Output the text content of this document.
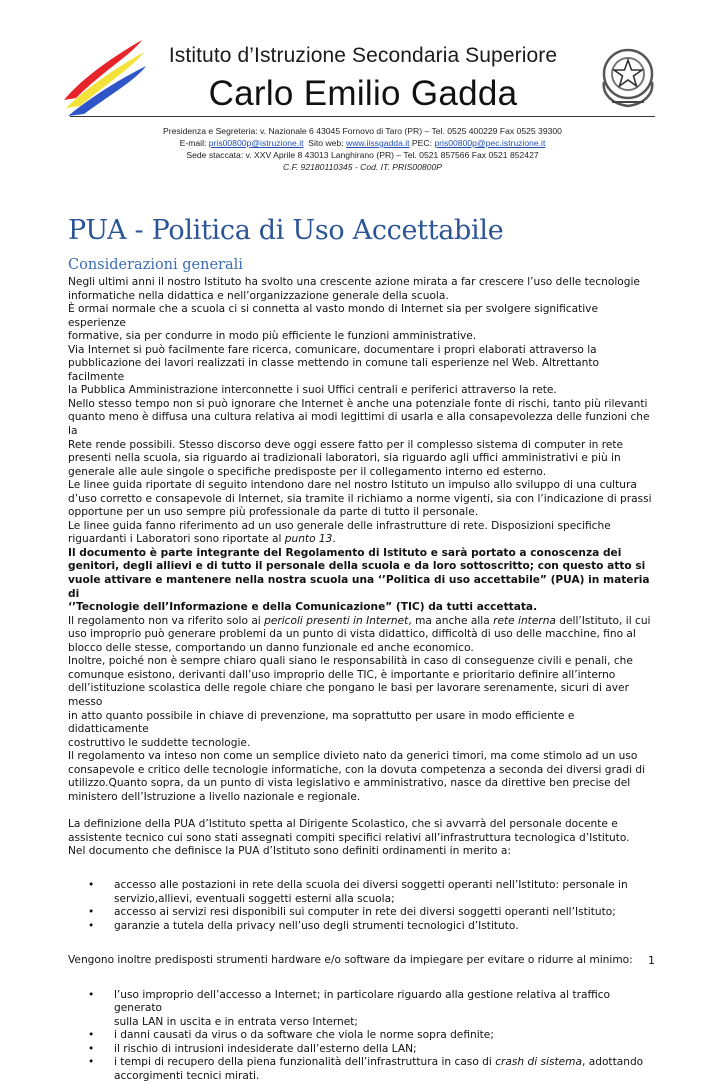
Istituto d’Istruzione Secondaria Superiore
Carlo Emilio Gadda
Presidenza e Segreteria: v. Nazionale 6 43045 Fornovo di Taro (PR) – Tel. 0525 400229 Fax 0525 39300
E-mail: pris00800p@istruzione.it  Sito web: www.iissgadda.it PEC: pris00800p@pec.istruzione.it
Sede staccata: v. XXV Aprile 8 43013 Langhirano (PR) – Tel. 0521 857566 Fax 0521 852427
C.F. 92180110345 - Cod. IT. PRIS00800P
PUA - Politica di Uso Accettabile
Considerazioni generali

Negli ultimi anni il nostro Istituto ha svolto una crescente azione mirata a far crescere l’uso delle tecnologie

informatiche nella didattica e nell’organizzazione generale della scuola.

È ormai normale che a scuola ci si connetta al vasto mondo di Internet sia per svolgere significative esperienze

formative, sia per condurre in modo più efficiente le funzioni amministrative.

Via Internet si può facilmente fare ricerca, comunicare, documentare i propri elaborati attraverso la

pubblicazione dei lavori realizzati in classe mettendo in comune tali esperienze nel Web. Altrettanto facilmente

la Pubblica Amministrazione interconnette i suoi Uffici centrali e periferici attraverso la rete.

Nello stesso tempo non si può ignorare che Internet è anche una potenziale fonte di rischi, tanto più rilevanti

quanto meno è diffusa una cultura relativa ai modi legittimi di usarla e alla consapevolezza delle funzioni che la

Rete rende possibili. Stesso discorso deve oggi essere fatto per il complesso sistema di computer in rete

presenti nella scuola, sia riguardo ai tradizionali laboratori, sia riguardo agli uffici amministrativi e più in

generale alle aule singole o specifiche predisposte per il collegamento interno ed esterno.

Le linee guida riportate di seguito intendono dare nel nostro Istituto un impulso allo sviluppo di una cultura

d’uso corretto e consapevole di Internet, sia tramite il richiamo a norme vigenti, sia con l’indicazione di prassi

opportune per un uso sempre più professionale da parte di tutto il personale.

Le linee guida fanno riferimento ad un uso generale delle infrastrutture di rete. Disposizioni specifiche

riguardanti i Laboratori sono riportate al punto 13.

Il documento è parte integrante del Regolamento di Istituto e sarà portato a conoscenza dei

genitori, degli allievi e di tutto il personale della scuola e da loro sottoscritto; con questo atto si

vuole attivare e mantenere nella nostra scuola una ‘’Politica di uso accettabile” (PUA) in materia di

‘’Tecnologie dell’Informazione e della Comunicazione” (TIC) da tutti accettata.

Il regolamento non va riferito solo ai pericoli presenti in Internet, ma anche alla rete interna dell’Istituto, il cui

uso improprio può generare problemi da un punto di vista didattico, difficoltà di uso delle macchine, fino al

blocco delle stesse, comportando un danno funzionale ed anche economico.

Inoltre, poiché non è sempre chiaro quali siano le responsabilità in caso di conseguenze civili e penali, che

comunque esistono, derivanti dall’uso improprio delle TIC, è importante e prioritario definire all’interno

dell’istituzione scolastica delle regole chiare che pongano le basi per lavorare serenamente, sicuri di aver messo

in atto quanto possibile in chiave di prevenzione, ma soprattutto per usare in modo efficiente e didatticamente

costruttivo le suddette tecnologie.

Il regolamento va inteso non come un semplice divieto nato da generici timori, ma come stimolo ad un uso

consapevole e critico delle tecnologie informatiche, con la dovuta competenza a seconda dei diversi gradi di

utilizzo.Quanto sopra, da un punto di vista legislativo e amministrativo, nasce da direttive ben precise del

ministero dell’Istruzione a livello nazionale e regionale.

La definizione della PUA d’Istituto spetta al Dirigente Scolastico, che si avvarrà del personale docente e

assistente tecnico cui sono stati assegnati compiti specifici relativi all’infrastruttura tecnologica d’Istituto.

Nel documento che definisce la PUA d’Istituto sono definiti ordinamenti in merito a:

• accesso alle postazioni in rete della scuola dei diversi soggetti operanti nell’Istituto: personale in
servizio,allievi, eventuali soggetti esterni alla scuola;
• accesso ai servizi resi disponibili sui computer in rete dei diversi soggetti operanti nell’Istituto;
• garanzie a tutela della privacy nell’uso degli strumenti tecnologici d’Istituto.

Vengono inoltre predisposti strumenti hardware e/o software da impiegare per evitare o ridurre al minimo:

• l’uso improprio dell’accesso a Internet; in particolare riguardo alla gestione relativa al traffico generato
sulla LAN in uscita e in entrata verso Internet;
• i danni causati da virus o da software che viola le norme sopra definite;
• il rischio di intrusioni indesiderate dall’esterno della LAN;
• i tempi di recupero della piena funzionalità dell’infrastruttura in caso di crash di sistema, adottando
accorgimenti tecnici mirati.
1
